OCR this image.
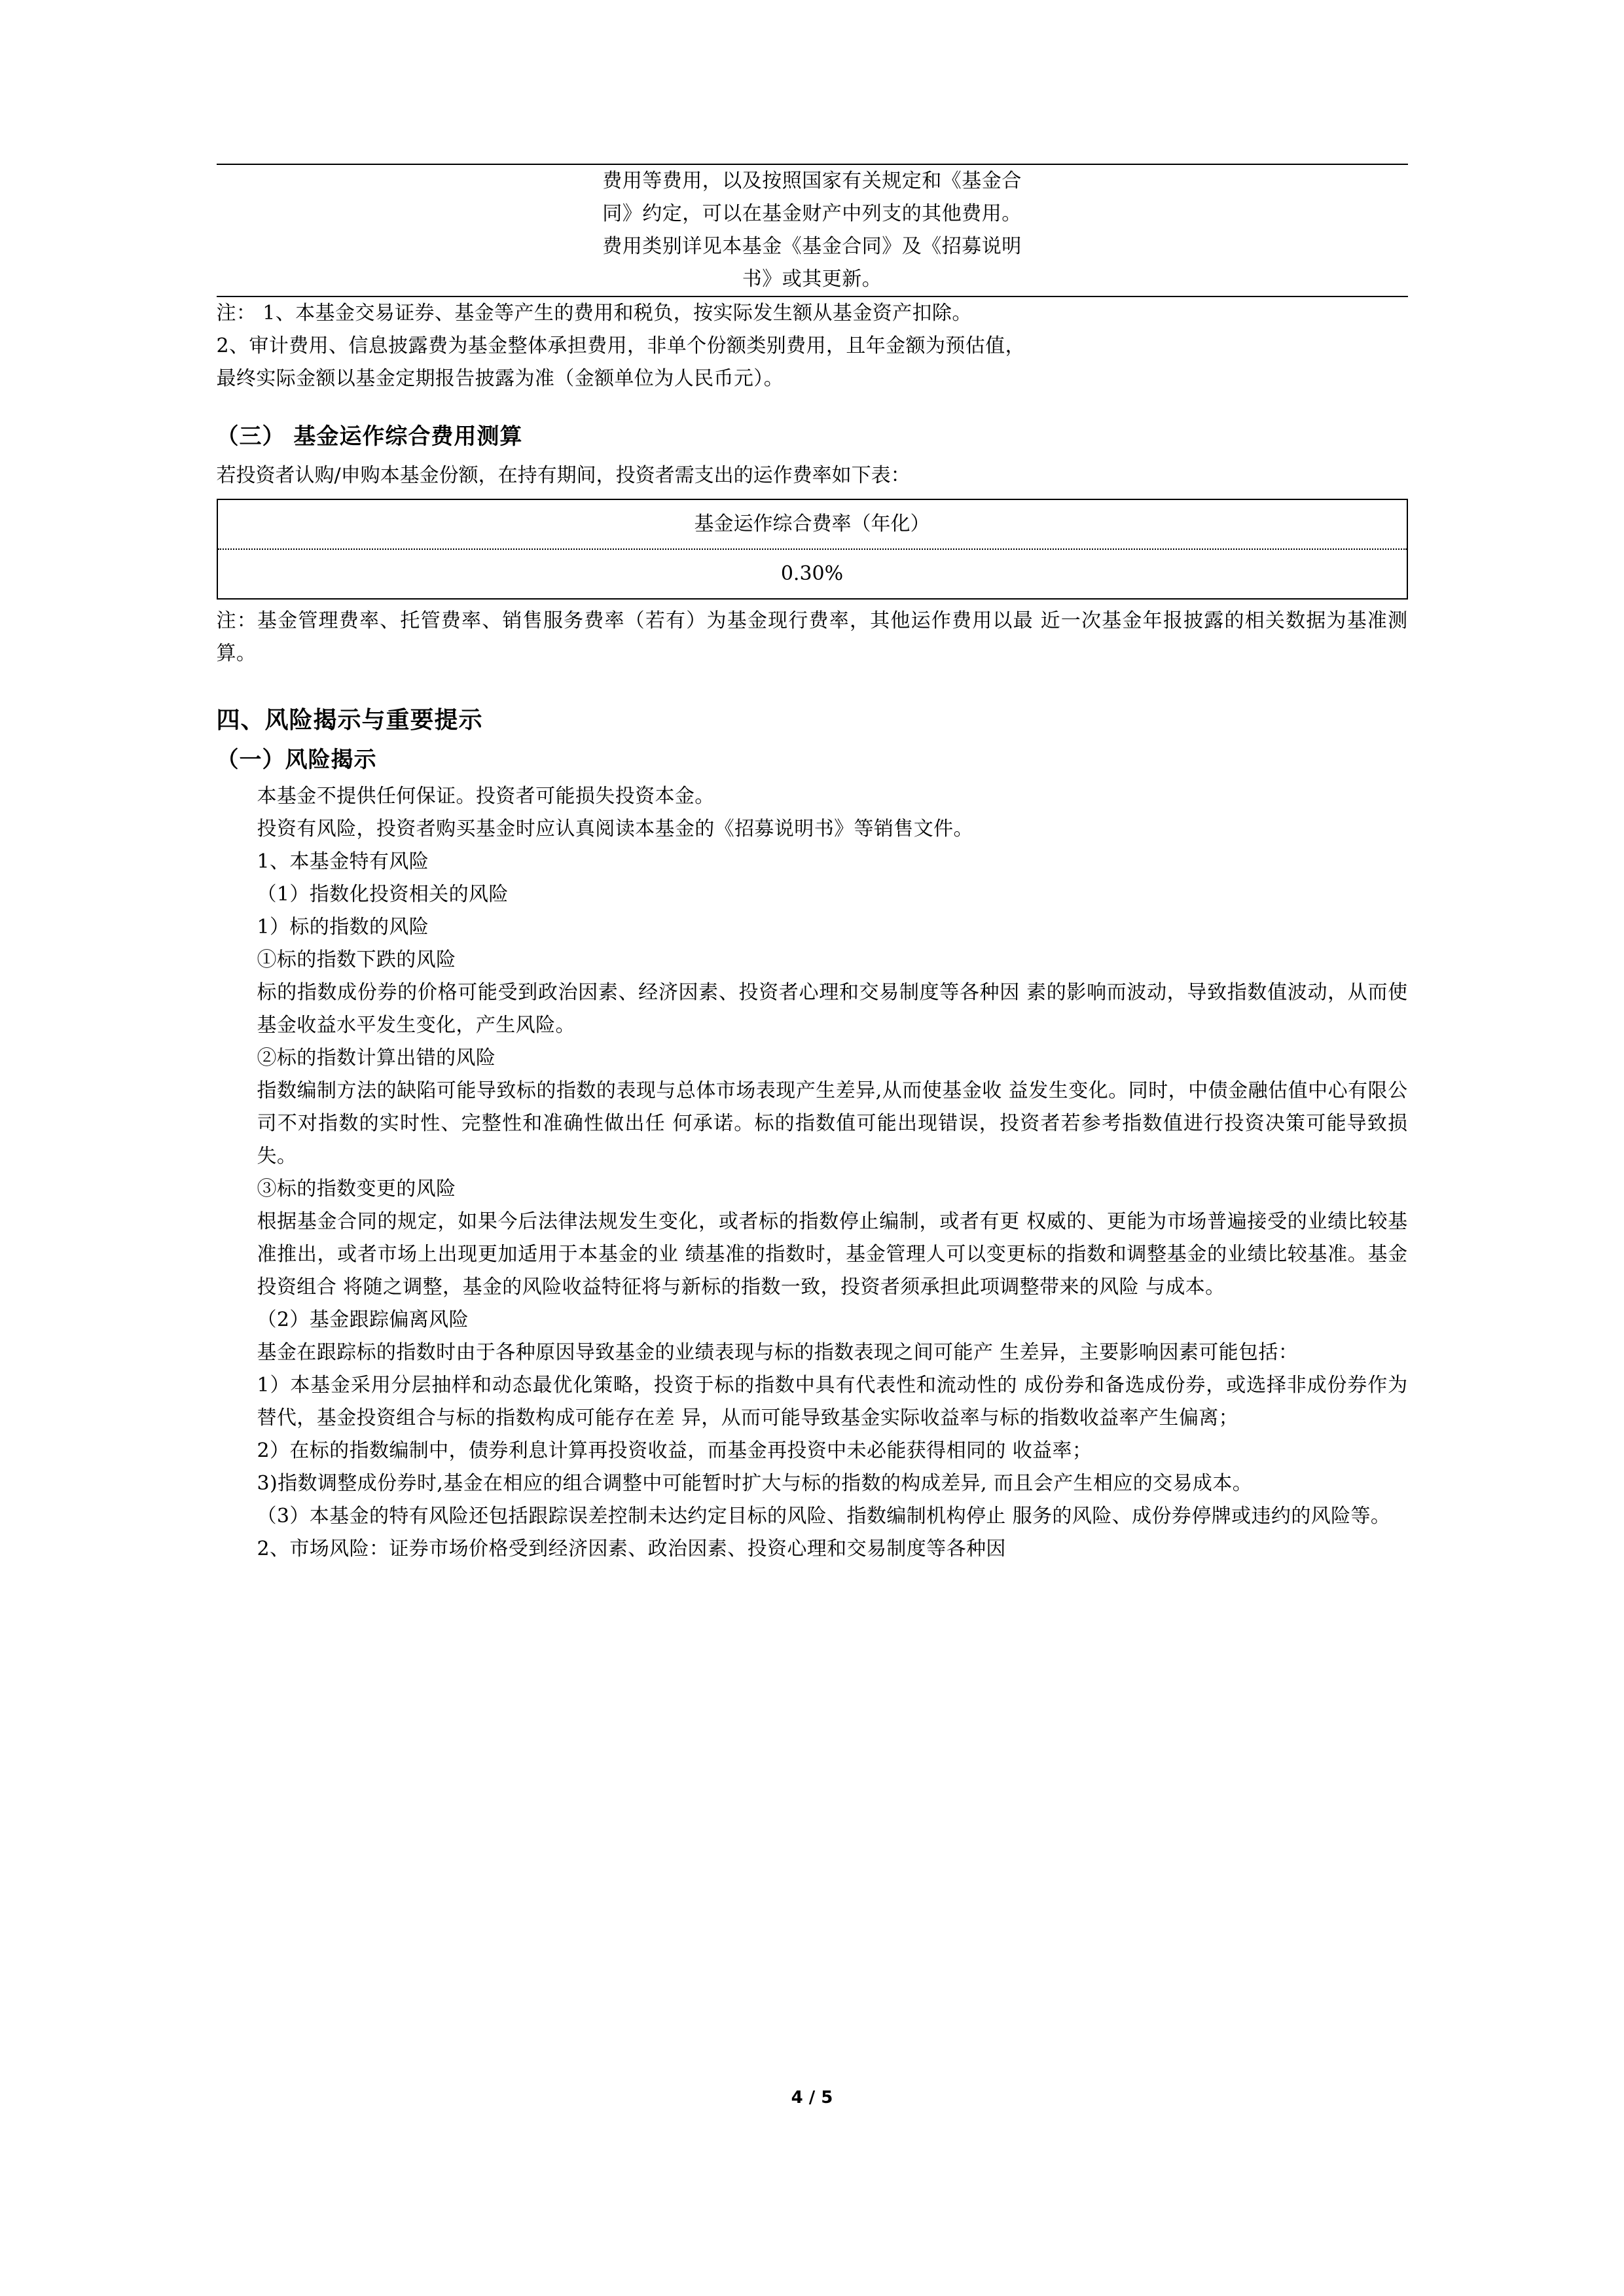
费用等费用，以及按照国家有关规定和《基金合
同》约定，可以在基金财产中列支的其他费用。

费用类别详见本基金《基金合同》及《招募说明
书》或其更新。
注： 1、本基金交易证券、基金等产生的费用和税负，按实际发生额从基金资产扣除。
2、审计费用、信息披露费为基金整体承担费用，非单个份额类别费用，且年金额为预估值，
最终实际金额以基金定期报告披露为准（金额单位为人民币元）。
（三） 基金运作综合费用测算
若投资者认购/申购本基金份额，在持有期间，投资者需支出的运作费率如下表：
基金运作综合费率（年化）
0.30%
注：基金管理费率、托管费率、销售服务费率（若有）为基金现行费率，其他运作费用以最 近一次基金年报披露的相关数据为基准测算。
四、风险揭示与重要提示
（一）风险揭示
本基金不提供任何保证。投资者可能损失投资本金。
投资有风险，投资者购买基金时应认真阅读本基金的《招募说明书》等销售文件。
1、本基金特有风险
（1）指数化投资相关的风险
1）标的指数的风险
①标的指数下跌的风险
标的指数成份券的价格可能受到政治因素、经济因素、投资者心理和交易制度等各种因 素的影响而波动，导致指数值波动，从而使基金收益水平发生变化，产生风险。
②标的指数计算出错的风险
指数编制方法的缺陷可能导致标的指数的表现与总体市场表现产生差异,从而使基金收 益发生变化。同时，中债金融估值中心有限公司不对指数的实时性、完整性和准确性做出任 何承诺。标的指数值可能出现错误，投资者若参考指数值进行投资决策可能导致损失。
③标的指数变更的风险
根据基金合同的规定，如果今后法律法规发生变化，或者标的指数停止编制，或者有更 权威的、更能为市场普遍接受的业绩比较基准推出，或者市场上出现更加适用于本基金的业 绩基准的指数时，基金管理人可以变更标的指数和调整基金的业绩比较基准。基金投资组合 将随之调整，基金的风险收益特征将与新标的指数一致，投资者须承担此项调整带来的风险 与成本。
（2）基金跟踪偏离风险
基金在跟踪标的指数时由于各种原因导致基金的业绩表现与标的指数表现之间可能产 生差异，主要影响因素可能包括：
1）本基金采用分层抽样和动态最优化策略，投资于标的指数中具有代表性和流动性的 成份券和备选成份券，或选择非成份券作为替代，基金投资组合与标的指数构成可能存在差 异，从而可能导致基金实际收益率与标的指数收益率产生偏离；
2）在标的指数编制中，债券利息计算再投资收益，而基金再投资中未必能获得相同的 收益率；
3)指数调整成份券时,基金在相应的组合调整中可能暂时扩大与标的指数的构成差异, 而且会产生相应的交易成本。
（3）本基金的特有风险还包括跟踪误差控制未达约定目标的风险、指数编制机构停止 服务的风险、成份券停牌或违约的风险等。
2、市场风险：证券市场价格受到经济因素、政治因素、投资心理和交易制度等各种因
4 / 5
